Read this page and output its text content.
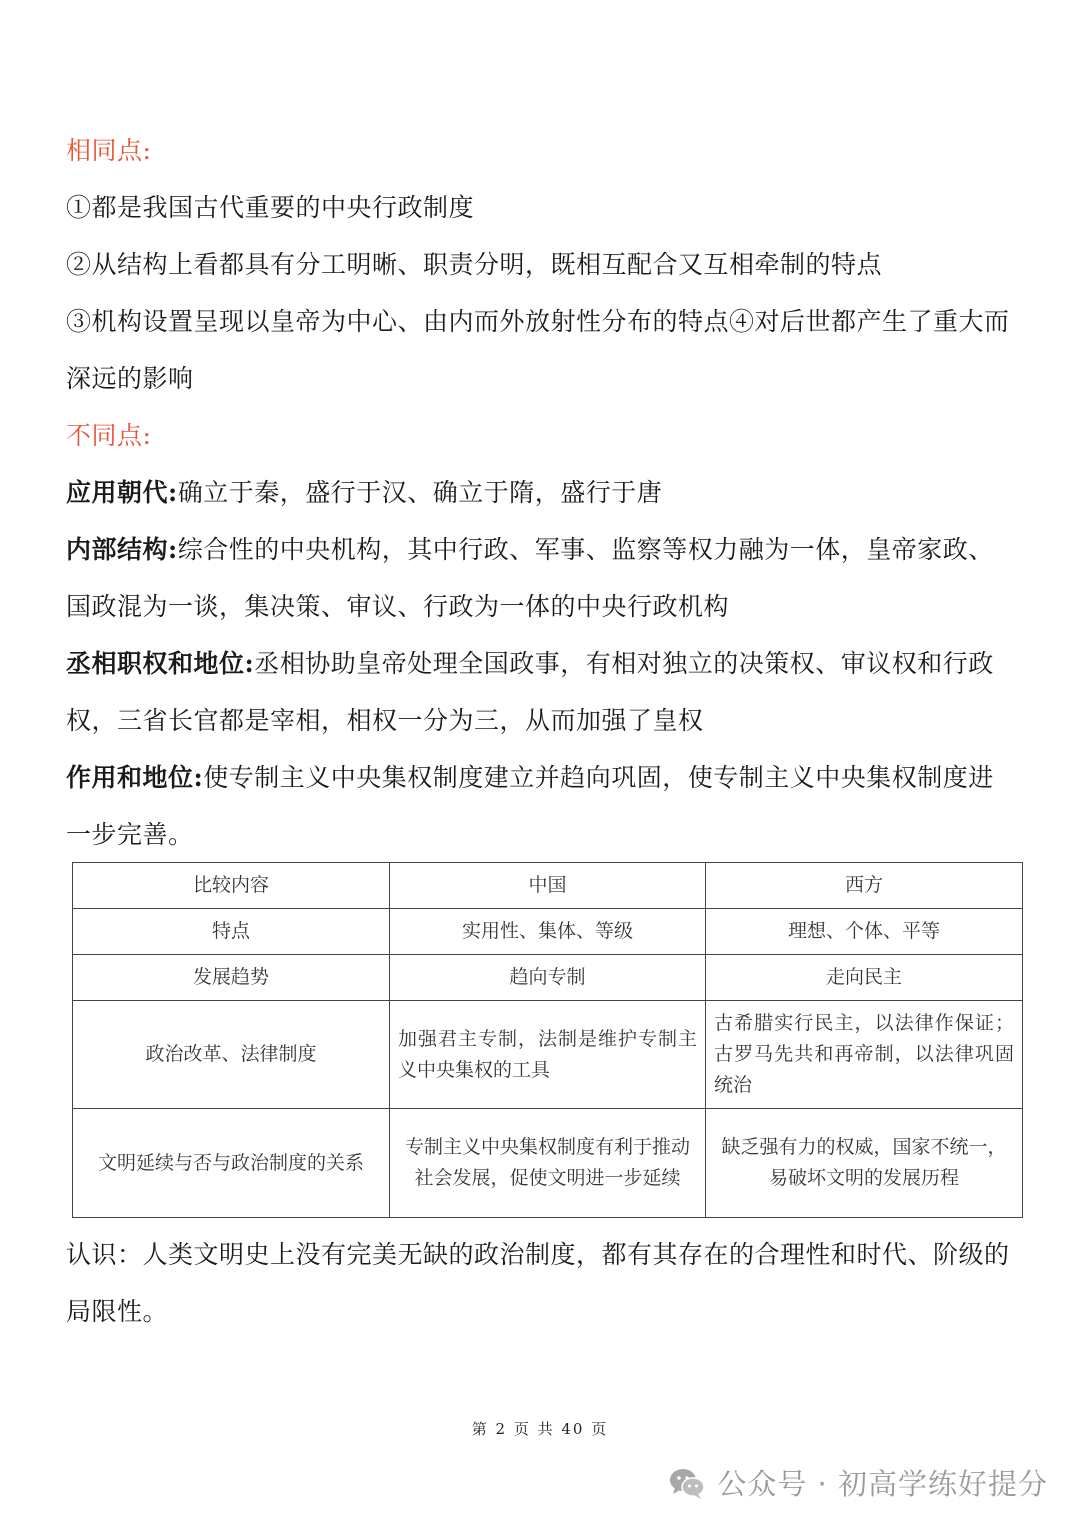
相同点:
①都是我国古代重要的中央行政制度
②从结构上看都具有分工明晰、职责分明，既相互配合又互相牵制的特点
③机构设置呈现以皇帝为中心、由内而外放射性分布的特点④对后世都产生了重大而
深远的影响
不同点:
应用朝代:确立于秦，盛行于汉、确立于隋，盛行于唐
内部结构:综合性的中央机构，其中行政、军事、监察等权力融为一体，皇帝家政、
国政混为一谈，集决策、审议、行政为一体的中央行政机构
丞相职权和地位:丞相协助皇帝处理全国政事，有相对独立的决策权、审议权和行政
权，三省长官都是宰相，相权一分为三，从而加强了皇权
作用和地位:使专制主义中央集权制度建立并趋向巩固，使专制主义中央集权制度进
一步完善。
比较内容	中国	西方
特点	实用性、集体、等级	理想、个体、平等
发展趋势	趋向专制	走向民主
政治改革、法律制度	加强君主专制，法制是维护专制主义中央集权的工具	古希腊实行民主，以法律作保证；古罗马先共和再帝制，以法律巩固统治
文明延续与否与政治制度的关系	专制主义中央集权制度有利于推动社会发展，促使文明进一步延续	缺乏强有力的权威，国家不统一，易破坏文明的发展历程
认识：人类文明史上没有完美无缺的政治制度，都有其存在的合理性和时代、阶级的
局限性。
第 2 页 共 40 页
公众号 · 初高学练好提分
